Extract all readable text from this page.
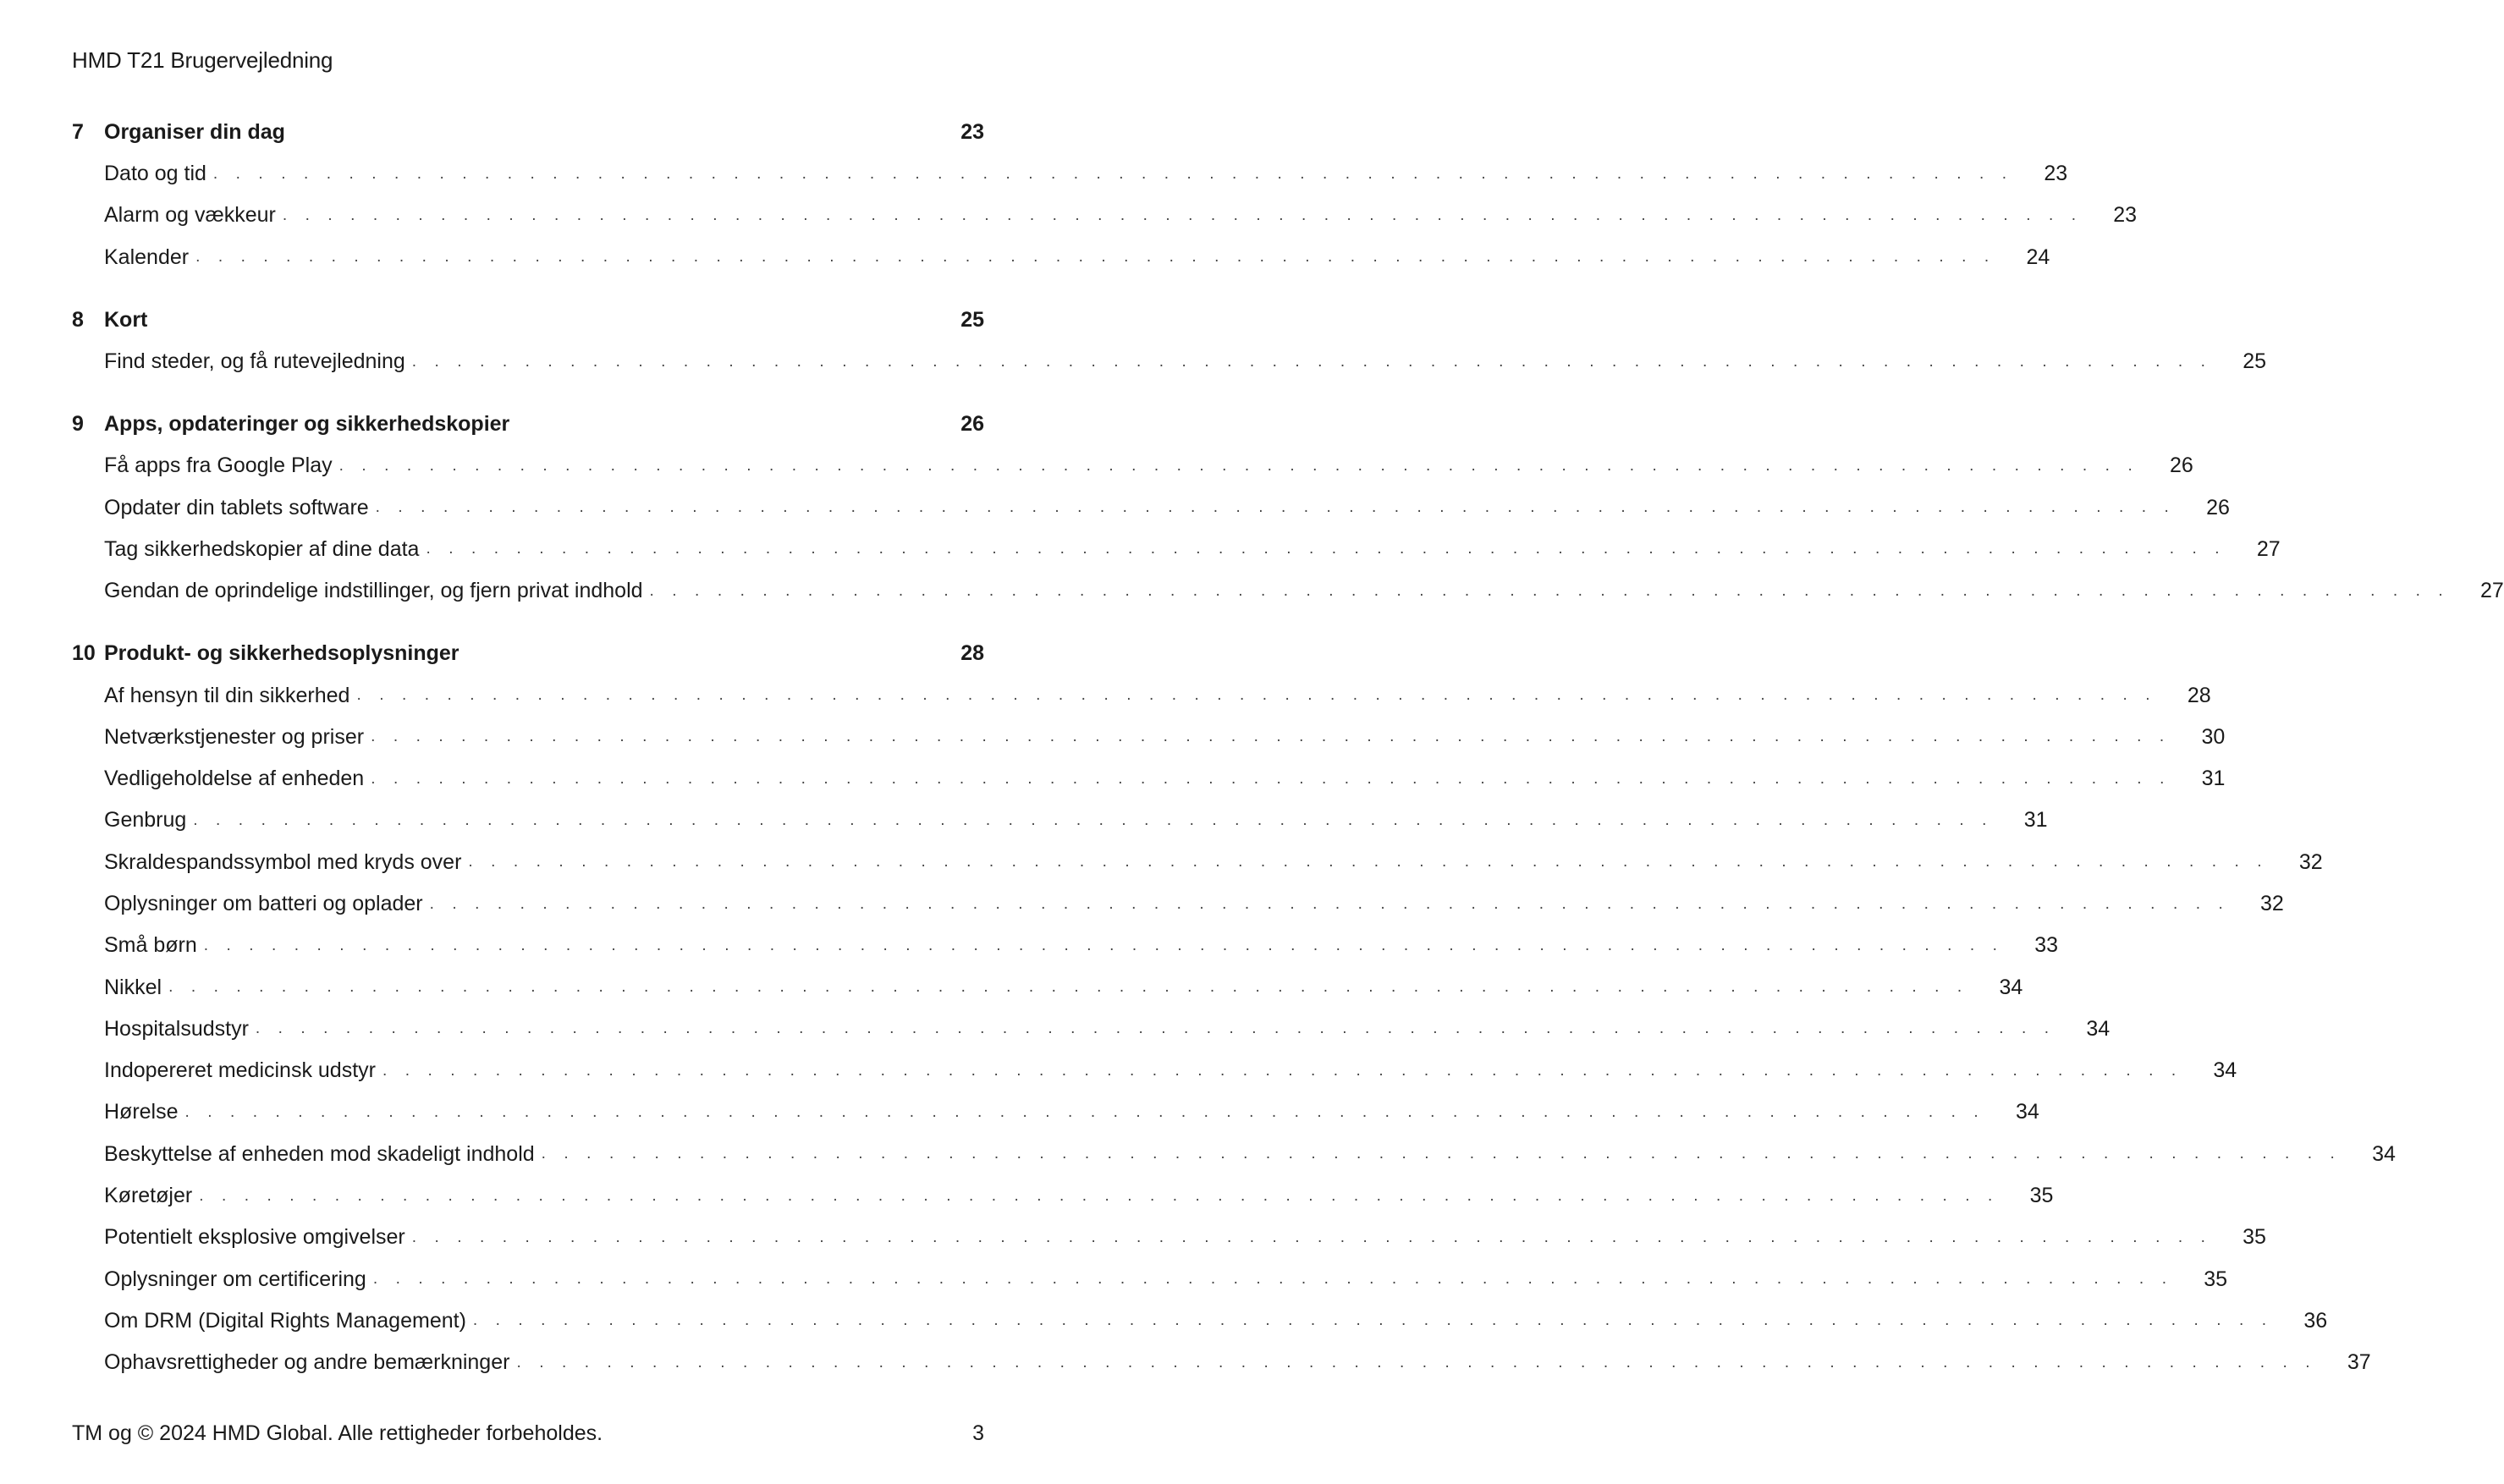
HMD T21 Brugervejledning
7 Organiser din dag	23
Dato og tid . . . . . . . . . . . . . . . . . . . . . . . . . . . . . . . . . . . . . . . . . . . . . . . . . . . . . . . . . . . . . . . . . . . . . . . . . . . . . . . .	23
Alarm og vækkeur . . . . . . . . . . . . . . . . . . . . . . . . . . . . . . . . . . . . . . . . . . . . . . . . . . . . . . . . . . . . . . . . . . . . . . . . . . . . . . . .	23
Kalender . . . . . . . . . . . . . . . . . . . . . . . . . . . . . . . . . . . . . . . . . . . . . . . . . . . . . . . . . . . . . . . . . . . . . . . . . . . . . . . .	24
8 Kort	25
Find steder, og få rutevejledning . . . . . . . . . . . . . . . . . . . . . . . . . . . . . . . . . . . . . . . . . . . . . . . . . . . . . . . . . . . . . . . . . . . . . . . . . . . . . . . .	25
9 Apps, opdateringer og sikkerhedskopier	26
Få apps fra Google Play . . . . . . . . . . . . . . . . . . . . . . . . . . . . . . . . . . . . . . . . . . . . . . . . . . . . . . . . . . . . . . . . . . . . . . . . . . . . . . . .	26
Opdater din tablets software . . . . . . . . . . . . . . . . . . . . . . . . . . . . . . . . . . . . . . . . . . . . . . . . . . . . . . . . . . . . . . . . . . . . . . . . . . . . . . . .	26
Tag sikkerhedskopier af dine data . . . . . . . . . . . . . . . . . . . . . . . . . . . . . . . . . . . . . . . . . . . . . . . . . . . . . . . . . . . . . . . . . . . . . . . . . . . . . . . .	27
Gendan de oprindelige indstillinger, og fjern privat indhold . . . . . . . . . . . . . . . . . . . . . . . . . . . . . . . . . . . . . . . . . . . . . . . . . . . . . . . . . . . . . . . . . . . . . . . . . . . . . . . .	27
10 Produkt- og sikkerhedsoplysninger	28
Af hensyn til din sikkerhed . . . . . . . . . . . . . . . . . . . . . . . . . . . . . . . . . . . . . . . . . . . . . . . . . . . . . . . . . . . . . . . . . . . . . . . . . . . . . . . .	28
Netværkstjenester og priser . . . . . . . . . . . . . . . . . . . . . . . . . . . . . . . . . . . . . . . . . . . . . . . . . . . . . . . . . . . . . . . . . . . . . . . . . . . . . . . .	30
Vedligeholdelse af enheden . . . . . . . . . . . . . . . . . . . . . . . . . . . . . . . . . . . . . . . . . . . . . . . . . . . . . . . . . . . . . . . . . . . . . . . . . . . . . . . .	31
Genbrug . . . . . . . . . . . . . . . . . . . . . . . . . . . . . . . . . . . . . . . . . . . . . . . . . . . . . . . . . . . . . . . . . . . . . . . . . . . . . . . .	31
Skraldespandssymbol med kryds over . . . . . . . . . . . . . . . . . . . . . . . . . . . . . . . . . . . . . . . . . . . . . . . . . . . . . . . . . . . . . . . . . . . . . . . . . . . . . . . .	32
Oplysninger om batteri og oplader . . . . . . . . . . . . . . . . . . . . . . . . . . . . . . . . . . . . . . . . . . . . . . . . . . . . . . . . . . . . . . . . . . . . . . . . . . . . . . . .	32
Små børn . . . . . . . . . . . . . . . . . . . . . . . . . . . . . . . . . . . . . . . . . . . . . . . . . . . . . . . . . . . . . . . . . . . . . . . . . . . . . . . .	33
Nikkel . . . . . . . . . . . . . . . . . . . . . . . . . . . . . . . . . . . . . . . . . . . . . . . . . . . . . . . . . . . . . . . . . . . . . . . . . . . . . . . .	34
Hospitalsudstyr . . . . . . . . . . . . . . . . . . . . . . . . . . . . . . . . . . . . . . . . . . . . . . . . . . . . . . . . . . . . . . . . . . . . . . . . . . . . . . . .	34
Indopereret medicinsk udstyr . . . . . . . . . . . . . . . . . . . . . . . . . . . . . . . . . . . . . . . . . . . . . . . . . . . . . . . . . . . . . . . . . . . . . . . . . . . . . . . .	34
Hørelse . . . . . . . . . . . . . . . . . . . . . . . . . . . . . . . . . . . . . . . . . . . . . . . . . . . . . . . . . . . . . . . . . . . . . . . . . . . . . . . .	34
Beskyttelse af enheden mod skadeligt indhold . . . . . . . . . . . . . . . . . . . . . . . . . . . . . . . . . . . . . . . . . . . . . . . . . . . . . . . . . . . . . . . . . . . . . . . . . . . . . . . .	34
Køretøjer . . . . . . . . . . . . . . . . . . . . . . . . . . . . . . . . . . . . . . . . . . . . . . . . . . . . . . . . . . . . . . . . . . . . . . . . . . . . . . . .	35
Potentielt eksplosive omgivelser . . . . . . . . . . . . . . . . . . . . . . . . . . . . . . . . . . . . . . . . . . . . . . . . . . . . . . . . . . . . . . . . . . . . . . . . . . . . . . . .	35
Oplysninger om certificering . . . . . . . . . . . . . . . . . . . . . . . . . . . . . . . . . . . . . . . . . . . . . . . . . . . . . . . . . . . . . . . . . . . . . . . . . . . . . . . .	35
Om DRM (Digital Rights Management) . . . . . . . . . . . . . . . . . . . . . . . . . . . . . . . . . . . . . . . . . . . . . . . . . . . . . . . . . . . . . . . . . . . . . . . . . . . . . . . .	36
Ophavsrettigheder og andre bemærkninger . . . . . . . . . . . . . . . . . . . . . . . . . . . . . . . . . . . . . . . . . . . . . . . . . . . . . . . . . . . . . . . . . . . . . . . . . . . . . . . .	37
TM og © 2024 HMD Global. Alle rettigheder forbeholdes.	3
